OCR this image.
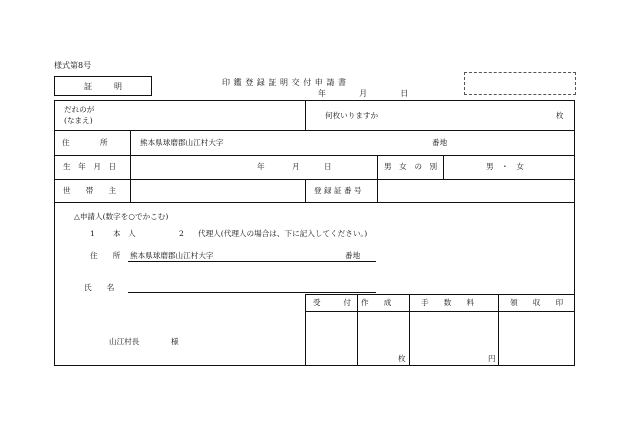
様式第8号
証	明	印鑑登録証明交付申請書
年	月	日
だれのが
(なまえ)
何枚いりますか	枚
住　　　　所	熊本県球磨郡山江村大字	番地
生　年　月　日	年	月	日	男　女　の　別	男　・　女
世　　帯　　主	登 録 証 番 号
△申請人(数字を○でかこむ)
1 本　人	2 代理人(代理人の場合は、下に記入してください。)
住　　所 熊本県球磨郡山江村大字	番地
氏　　名
山江村長	様
受　　　付 作　　成	手　　数　　料	領　　収　　印
枚	円
